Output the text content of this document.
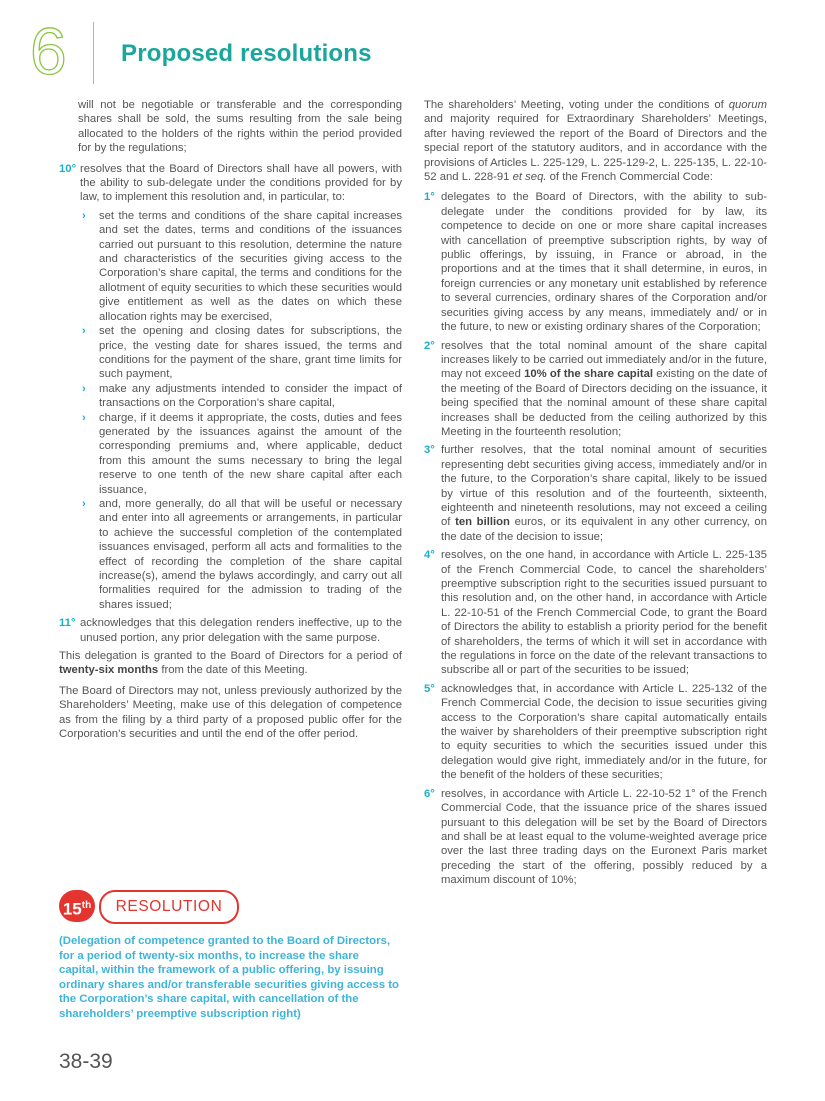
6 Proposed resolutions

will not be negotiable or transferable and the corresponding shares shall be sold, the sums resulting from the sale being allocated to the holders of the rights within the period provided for by the regulations;

10° resolves that the Board of Directors shall have all powers, with the ability to sub-delegate under the conditions provided for by law, to implement this resolution and, in particular, to:
› set the terms and conditions of the share capital increases and set the dates, terms and conditions of the issuances carried out pursuant to this resolution, determine the nature and characteristics of the securities giving access to the Corporation’s share capital, the terms and conditions for the allotment of equity securities to which these securities would give entitlement as well as the dates on which these allocation rights may be exercised,
› set the opening and closing dates for subscriptions, the price, the vesting date for shares issued, the terms and conditions for the payment of the share, grant time limits for such payment,
› make any adjustments intended to consider the impact of transactions on the Corporation’s share capital,
› charge, if it deems it appropriate, the costs, duties and fees generated by the issuances against the amount of the corresponding premiums and, where applicable, deduct from this amount the sums necessary to bring the legal reserve to one tenth of the new share capital after each issuance,
› and, more generally, do all that will be useful or necessary and enter into all agreements or arrangements, in particular to achieve the successful completion of the contemplated issuances envisaged, perform all acts and formalities to the effect of recording the completion of the share capital increase(s), amend the bylaws accordingly, and carry out all formalities required for the admission to trading of the shares issued;
11° acknowledges that this delegation renders ineffective, up to the unused portion, any prior delegation with the same purpose.

This delegation is granted to the Board of Directors for a period of twenty-six months from the date of this Meeting.

The Board of Directors may not, unless previously authorized by the Shareholders’ Meeting, make use of this delegation of competence as from the filing by a third party of a proposed public offer for the Corporation’s securities and until the end of the offer period.

15th	RESOLUTION
(Delegation of competence granted to the Board of Directors, for a period of twenty-six months, to increase the share capital, within the framework of a public offering, by issuing ordinary shares and/or transferable securities giving access to the Corporation’s share capital, with cancellation of the shareholders’ preemptive subscription right)

The shareholders’ Meeting, voting under the conditions of quorum and majority required for Extraordinary Shareholders’ Meetings, after having reviewed the report of the Board of Directors and the special report of the statutory auditors, and in accordance with the provisions of Articles L. 225-129, L. 225-129-2, L. 225-135, L. 22-10-52 and L. 228-91 et seq. of the French Commercial Code:

1° delegates to the Board of Directors, with the ability to sub-delegate under the conditions provided for by law, its competence to decide on one or more share capital increases with cancellation of preemptive subscription rights, by way of public offerings, by issuing, in France or abroad, in the proportions and at the times that it shall determine, in euros, in foreign currencies or any monetary unit established by reference to several currencies, ordinary shares of the Corporation and/or securities giving access by any means, immediately and/ or in the future, to new or existing ordinary shares of the Corporation;
2° resolves that the total nominal amount of the share capital increases likely to be carried out immediately and/or in the future, may not exceed 10% of the share capital existing on the date of the meeting of the Board of Directors deciding on the issuance, it being specified that the nominal amount of these share capital increases shall be deducted from the ceiling authorized by this Meeting in the fourteenth resolution;
3° further resolves, that the total nominal amount of securities representing debt securities giving access, immediately and/or in the future, to the Corporation’s share capital, likely to be issued by virtue of this resolution and of the fourteenth, sixteenth, eighteenth and nineteenth resolutions, may not exceed a ceiling of ten billion euros, or its equivalent in any other currency, on the date of the decision to issue;
4° resolves, on the one hand, in accordance with Article L. 225-135 of the French Commercial Code, to cancel the shareholders’ preemptive subscription right to the securities issued pursuant to this resolution and, on the other hand, in accordance with Article L. 22-10-51 of the French Commercial Code, to grant the Board of Directors the ability to establish a priority period for the benefit of shareholders, the terms of which it will set in accordance with the regulations in force on the date of the relevant transactions to subscribe all or part of the securities to be issued;
5° acknowledges that, in accordance with Article L. 225-132 of the French Commercial Code, the decision to issue securities giving access to the Corporation’s share capital automatically entails the waiver by shareholders of their preemptive subscription right to equity securities to which the securities issued under this delegation would give right, immediately and/or in the future, for the benefit of the holders of these securities;
6° resolves, in accordance with Article L. 22-10-52 1° of the French Commercial Code, that the issuance price of the shares issued pursuant to this delegation will be set by the Board of Directors and shall be at least equal to the volume-weighted average price over the last three trading days on the Euronext Paris market preceding the start of the offering, possibly reduced by a maximum discount of 10%;
38-39
